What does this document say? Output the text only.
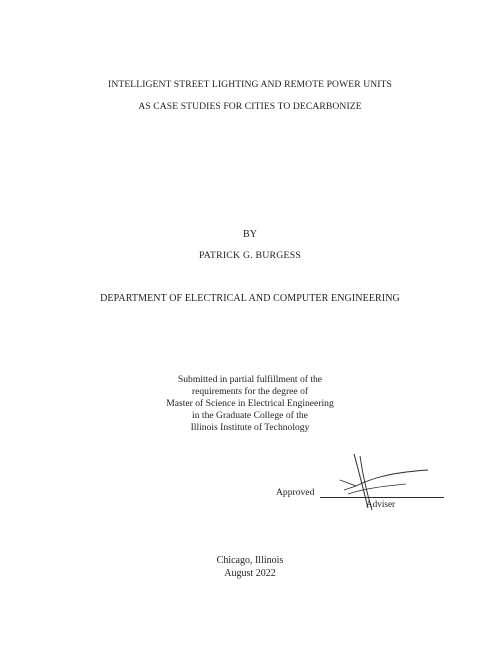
INTELLIGENT STREET LIGHTING AND REMOTE POWER UNITS
AS CASE STUDIES FOR CITIES TO DECARBONIZE
BY
PATRICK G. BURGESS
DEPARTMENT OF ELECTRICAL AND COMPUTER ENGINEERING
Submitted in partial fulfillment of the
requirements for the degree of
Master of Science in Electrical Engineering
in the Graduate College of the
Illinois Institute of Technology
Approved
Adviser
Chicago, Illinois
August 2022
